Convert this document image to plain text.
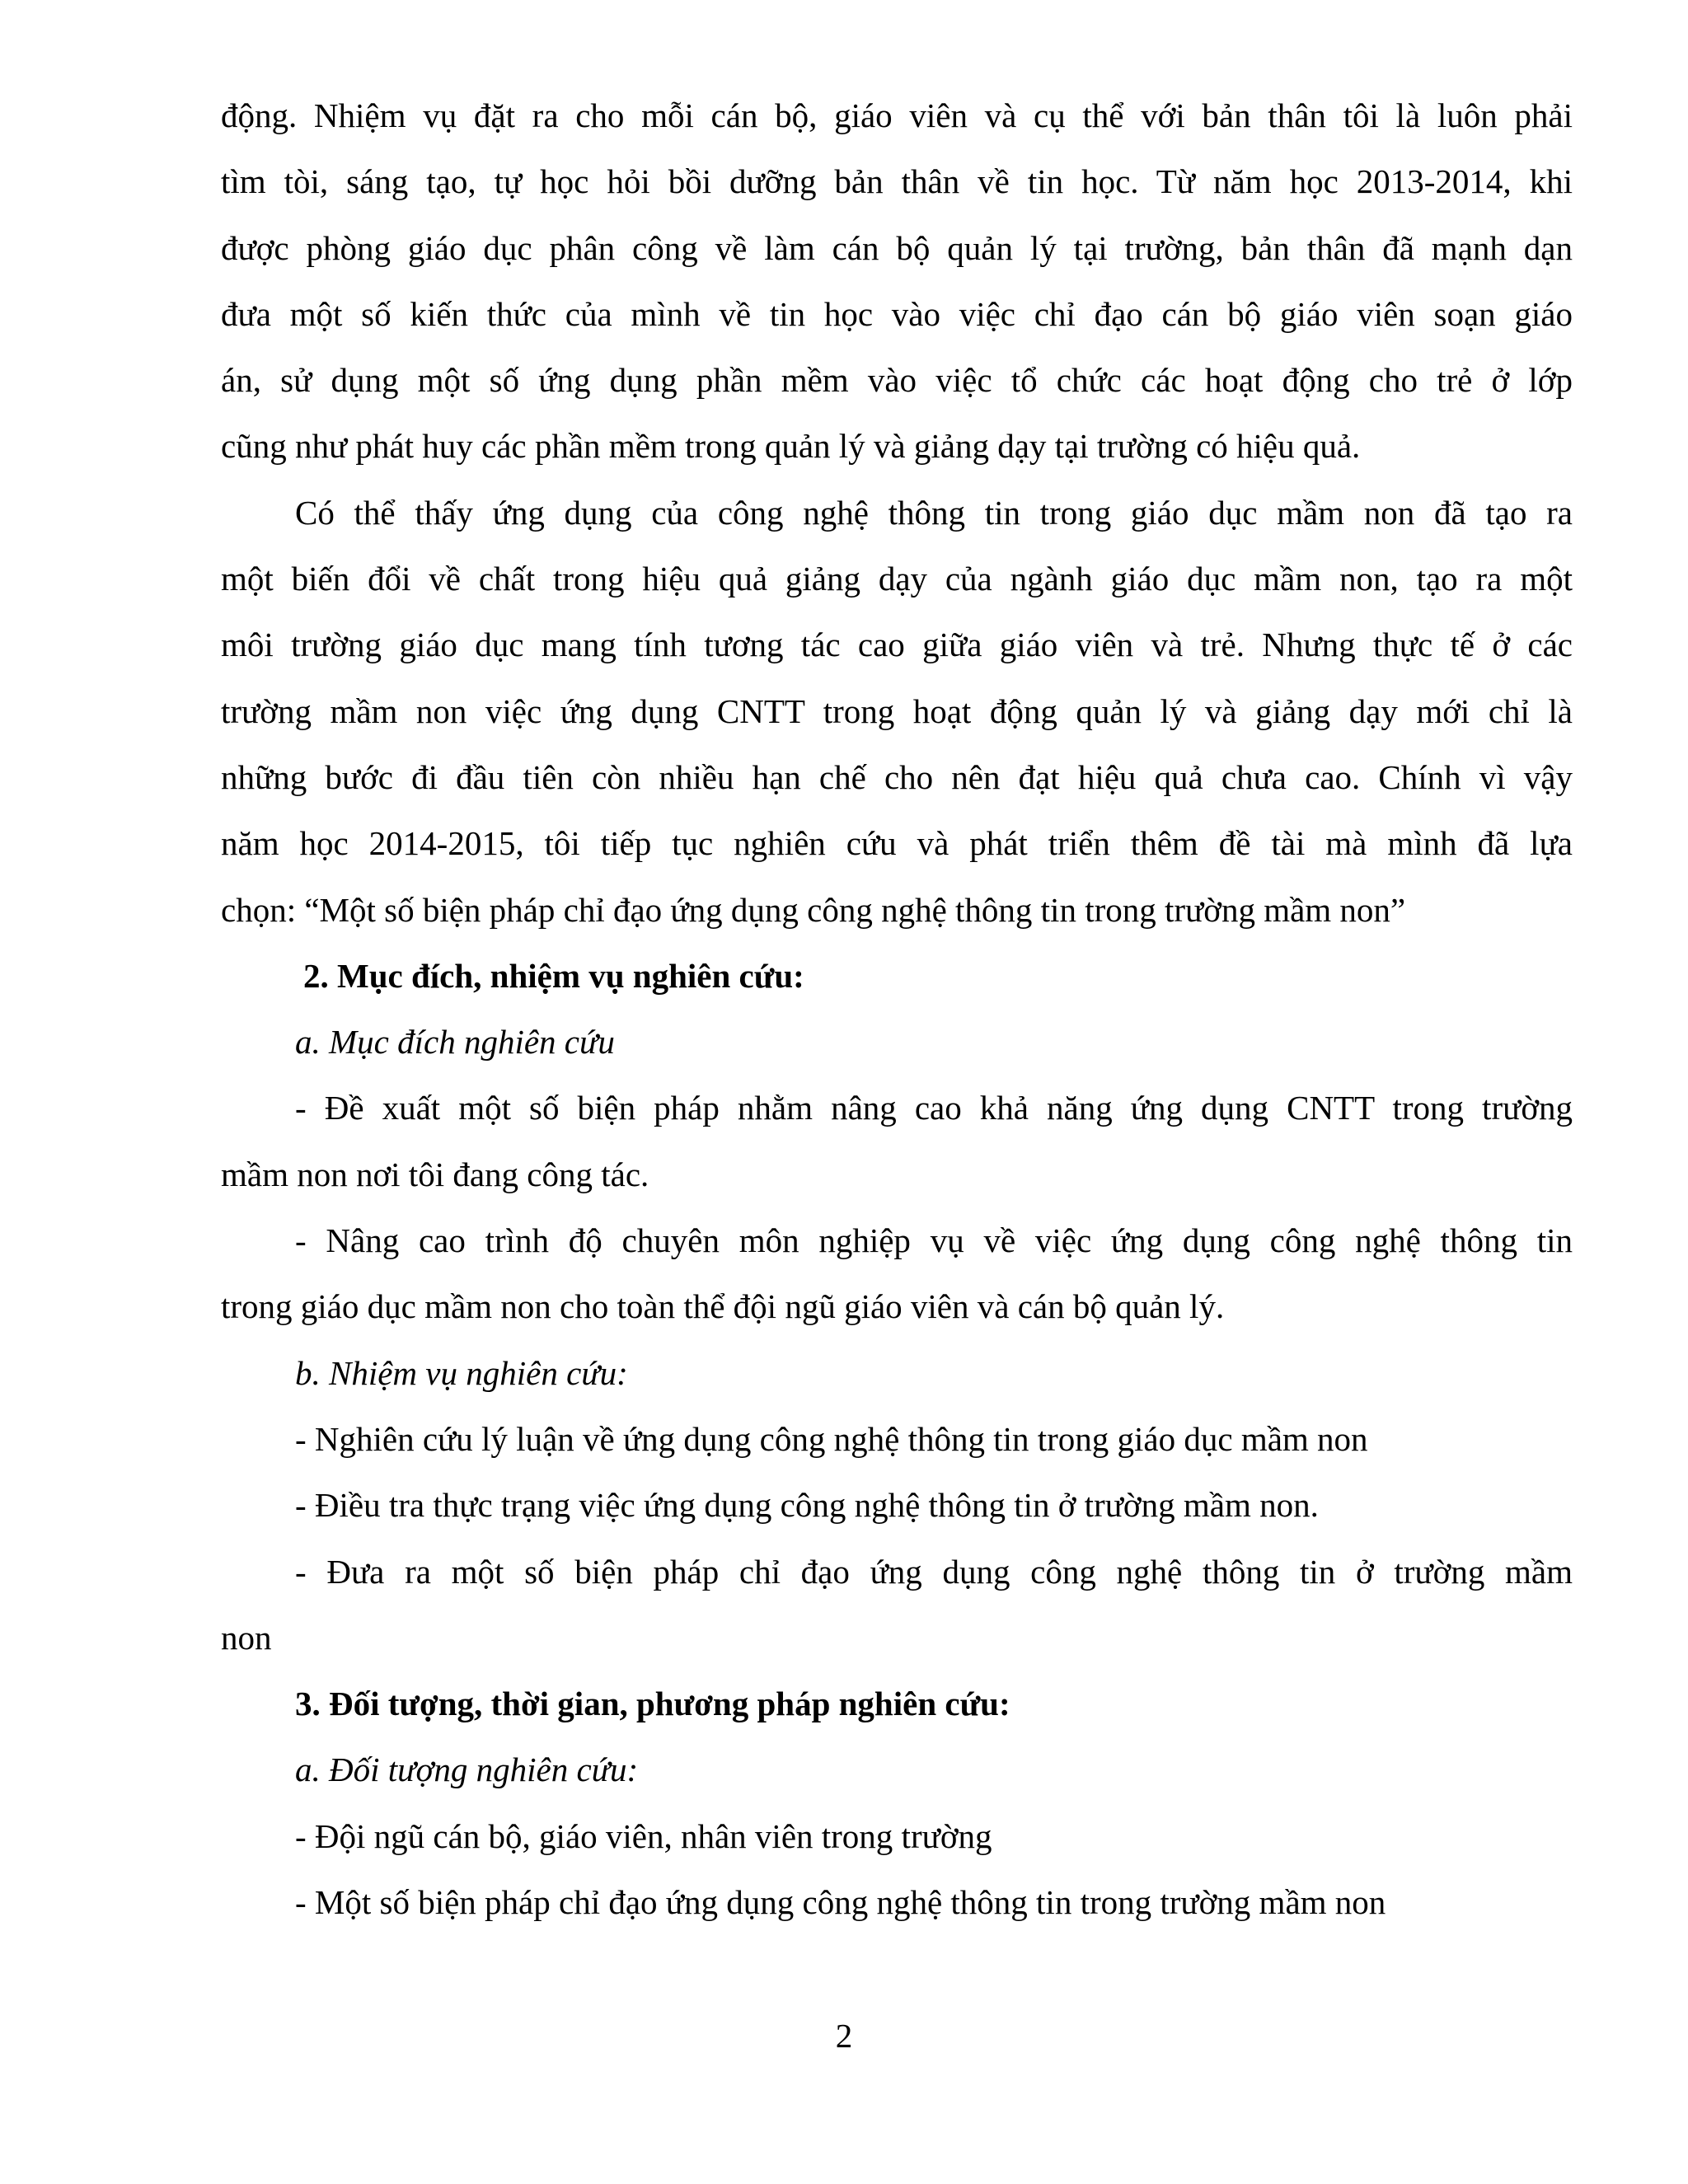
động. Nhiệm vụ đặt ra cho mỗi cán bộ, giáo viên và cụ thể với bản thân tôi là luôn phải
tìm tòi, sáng tạo, tự học hỏi bồi dưỡng bản thân về tin học. Từ năm học 2013-2014, khi
được phòng giáo dục phân công về làm cán bộ quản lý tại trường, bản thân đã mạnh dạn
đưa một số kiến thức của mình về tin học vào việc chỉ đạo cán bộ giáo viên soạn giáo
án, sử dụng một số ứng dụng phần mềm vào việc tổ chức các hoạt động cho trẻ ở lớp
cũng như phát huy các phần mềm trong quản lý và giảng dạy tại trường có hiệu quả.
Có thể thấy ứng dụng của công nghệ thông tin trong giáo dục mầm non đã tạo ra
một biến đổi về chất trong hiệu quả giảng dạy của ngành giáo dục mầm non, tạo ra một
môi trường giáo dục mang tính tương tác cao giữa giáo viên và trẻ. Nhưng thực tế ở các
trường mầm non việc ứng dụng CNTT trong hoạt động quản lý và giảng dạy mới chỉ là
những bước đi đầu tiên còn nhiều hạn chế cho nên đạt hiệu quả chưa cao. Chính vì vậy
năm học 2014-2015, tôi tiếp tục nghiên cứu và phát triển thêm đề tài mà mình đã lựa
chọn: “Một số biện pháp chỉ đạo ứng dụng công nghệ thông tin trong trường mầm non”
2. Mục đích, nhiệm vụ nghiên cứu:
a. Mục đích nghiên cứu
- Đề xuất một số biện pháp nhằm nâng cao khả năng ứng dụng CNTT trong trường
mầm non nơi tôi đang công tác.
- Nâng cao trình độ chuyên môn nghiệp vụ về việc ứng dụng công nghệ thông tin
trong giáo dục mầm non cho toàn thể đội ngũ giáo viên và cán bộ quản lý.
b. Nhiệm vụ nghiên cứu:
- Nghiên cứu lý luận về ứng dụng công nghệ thông tin trong giáo dục mầm non
- Điều tra thực trạng việc ứng dụng công nghệ thông tin ở trường mầm non.
- Đưa ra một số biện pháp chỉ đạo ứng dụng công nghệ thông tin ở trường mầm
non
3. Đối tượng, thời gian, phương pháp nghiên cứu:
a. Đối tượng nghiên cứu:
- Đội ngũ cán bộ, giáo viên, nhân viên trong trường
- Một số biện pháp chỉ đạo ứng dụng công nghệ thông tin trong trường mầm non
2
